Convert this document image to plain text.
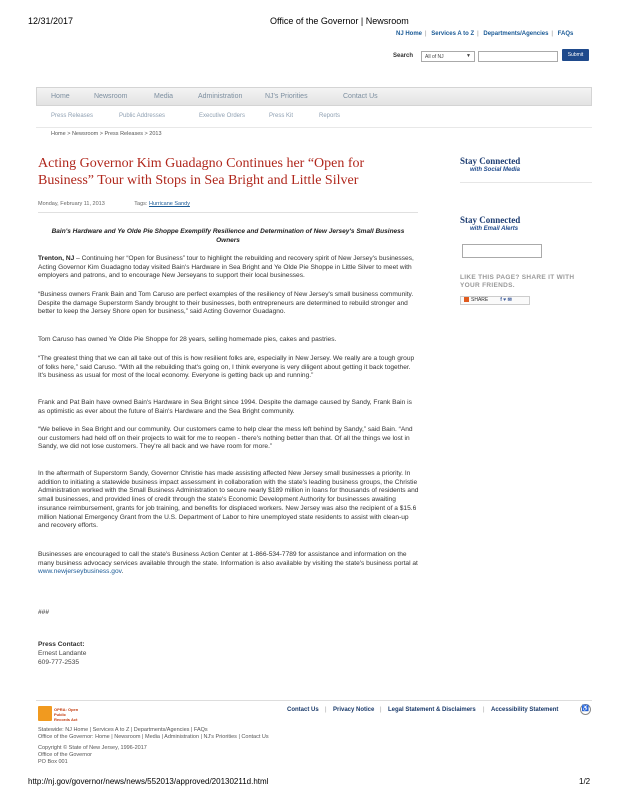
12/31/2017	Office of the Governor | Newsroom
NJ Home | Services A to Z | Departments/Agencies | FAQs
Search	All of NJ	▼	Submit
Home	Newsroom	Media	Administration	NJ's Priorities	Contact Us
Press Releases	Public Addresses	Executive Orders	Press Kit	Reports
Home > Newsroom > Press Releases > 2013
Acting Governor Kim Guadagno Continues her “Open for Business” Tour with Stops in Sea Bright and Little Silver
Monday, February 11, 2013	Tags: Hurricane Sandy
Bain's Hardware and Ye Olde Pie Shoppe Exemplify Resilience and Determination of New Jersey's Small Business Owners
Trenton, NJ – Continuing her “Open for Business” tour to highlight the rebuilding and recovery spirit of New Jersey's businesses, Acting Governor Kim Guadagno today visited Bain's Hardware in Sea Bright and Ye Olde Pie Shoppe in Little Silver to meet with employers and patrons, and to encourage New Jerseyans to support their local businesses.
“Business owners Frank Bain and Tom Caruso are perfect examples of the resiliency of New Jersey's small business community. Despite the damage Superstorm Sandy brought to their businesses, both entrepreneurs are determined to rebuild stronger and better to keep the Jersey Shore open for business,” said Acting Governor Guadagno.
Tom Caruso has owned Ye Olde Pie Shoppe for 28 years, selling homemade pies, cakes and pastries.
“The greatest thing that we can all take out of this is how resilient folks are, especially in New Jersey. We really are a tough group of folks here,” said Caruso. “With all the rebuilding that's going on, I think everyone is very diligent about getting it back together. It's business as usual for most of the local economy. Everyone is getting back up and running.”
Frank and Pat Bain have owned Bain's Hardware in Sea Bright since 1994. Despite the damage caused by Sandy, Frank Bain is as optimistic as ever about the future of Bain's Hardware and the Sea Bright community.
“We believe in Sea Bright and our community. Our customers came to help clear the mess left behind by Sandy,” said Bain. “And our customers had held off on their projects to wait for me to reopen - there's nothing better than that. Of all the things we lost in Sandy, we did not lose customers. They're all back and we have room for more.”
In the aftermath of Superstorm Sandy, Governor Christie has made assisting affected New Jersey small businesses a priority. In addition to initiating a statewide business impact assessment in collaboration with the state's leading business groups, the Christie Administration worked with the Small Business Administration to secure nearly $189 million in loans for thousands of residents and small businesses, and provided lines of credit through the state's Economic Development Authority for businesses awaiting insurance reimbursement, grants for job training, and benefits for displaced workers. New Jersey was also the recipient of a $15.6 million National Emergency Grant from the U.S. Department of Labor to hire unemployed state residents to assist with clean-up and recovery efforts.
Businesses are encouraged to call the state's Business Action Center at 1-866-534-7789 for assistance and information on the many business advocacy services available through the state. Information is also available by visiting the state's business portal at www.newjerseybusiness.gov.
###
Press Contact:
Ernest Landante
609-777-2535
Stay Connected
with Social Media
Stay Connected
with Email Alerts
LIKE THIS PAGE? SHARE IT WITH YOUR FRIENDS.
SHARE f ♥ ✉
OPRA: Open
Public Records Act
Contact Us | Privacy Notice | Legal Statement & Disclaimers | Accessibility Statement	♿
Statewide: NJ Home | Services A to Z | Departments/Agencies | FAQs
Office of the Governor: Home | Newsroom | Media | Administration | NJ's Priorities | Contact Us
Copyright © State of New Jersey, 1996-2017
Office of the Governor
PO Box 001
http://nj.gov/governor/news/news/552013/approved/20130211d.html	1/2
